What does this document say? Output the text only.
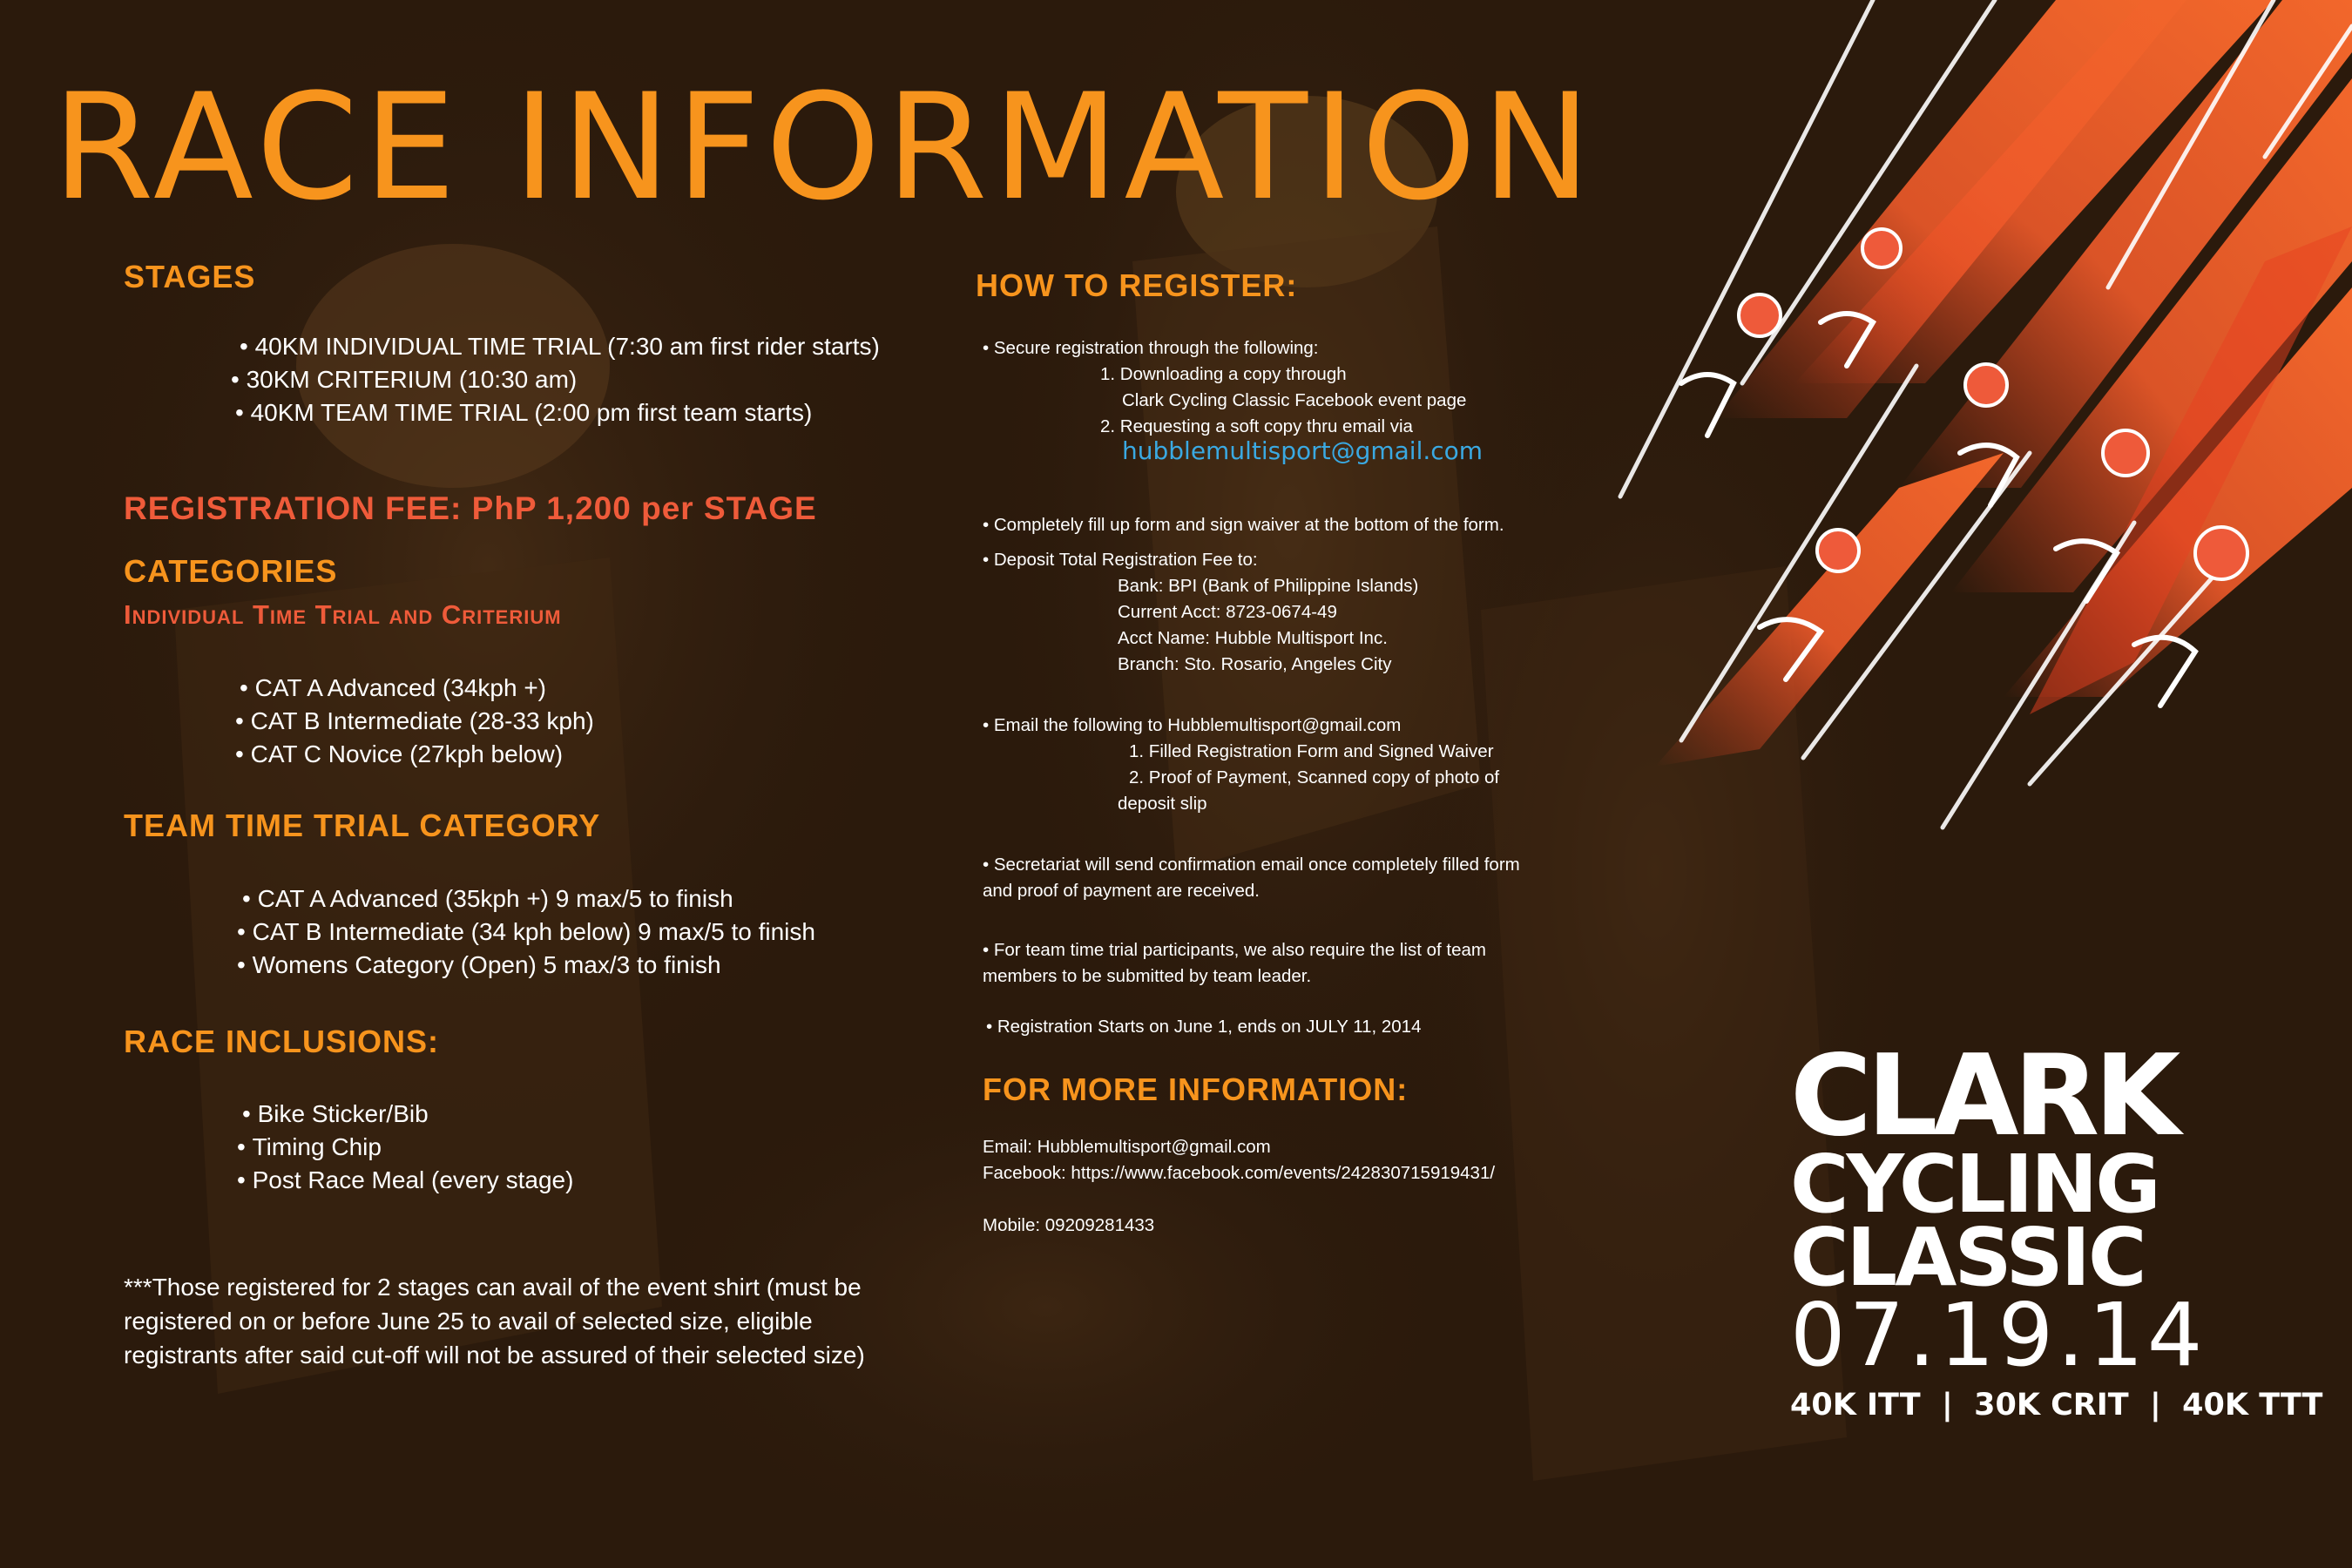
RACE INFORMATION
STAGES
• 40KM INDIVIDUAL TIME TRIAL (7:30 am first rider starts)
• 30KM CRITERIUM (10:30 am)
• 40KM TEAM TIME TRIAL (2:00 pm first team starts)
REGISTRATION FEE: PhP 1,200 per STAGE
CATEGORIES
Individual Time Trial and Criterium
• CAT A Advanced (34kph +)
• CAT B Intermediate (28-33 kph)
• CAT C Novice (27kph below)
TEAM TIME TRIAL CATEGORY
• CAT A Advanced (35kph +) 9 max/5 to finish
• CAT B Intermediate (34 kph below) 9 max/5 to finish
• Womens Category (Open) 5 max/3 to finish
RACE INCLUSIONS:
• Bike Sticker/Bib
• Timing Chip
• Post Race Meal (every stage)
***Those registered for 2 stages can avail of the event shirt (must be registered on or before June 25 to avail of selected size, eligible registrants after said cut-off will not be assured of their selected size)
HOW TO REGISTER:
• Secure registration through the following:
1. Downloading a copy through
Clark Cycling Classic Facebook event page
2. Requesting a soft copy thru email via
hubblemultisport@gmail.com
• Completely fill up form and sign waiver at the bottom of the form.
• Deposit Total Registration Fee to:
Bank: BPI (Bank of Philippine Islands)
Current Acct: 8723-0674-49
Acct Name: Hubble Multisport Inc.
Branch: Sto. Rosario, Angeles City
• Email the following to Hubblemultisport@gmail.com
1. Filled Registration Form and Signed Waiver
2. Proof of Payment, Scanned copy of photo of
deposit slip
• Secretariat will send confirmation email once completely filled form
and proof of payment are received.
• For team time trial participants, we also require the list of team
members to be submitted by team leader.
• Registration Starts on June 1, ends on JULY 11, 2014
FOR MORE INFORMATION:
Email: Hubblemultisport@gmail.com
Facebook: https://www.facebook.com/events/242830715919431/
Mobile: 09209281433
CLARK
CYCLING
CLASSIC
07.19.14
40K ITT  |  30K CRIT  |  40K TTT
